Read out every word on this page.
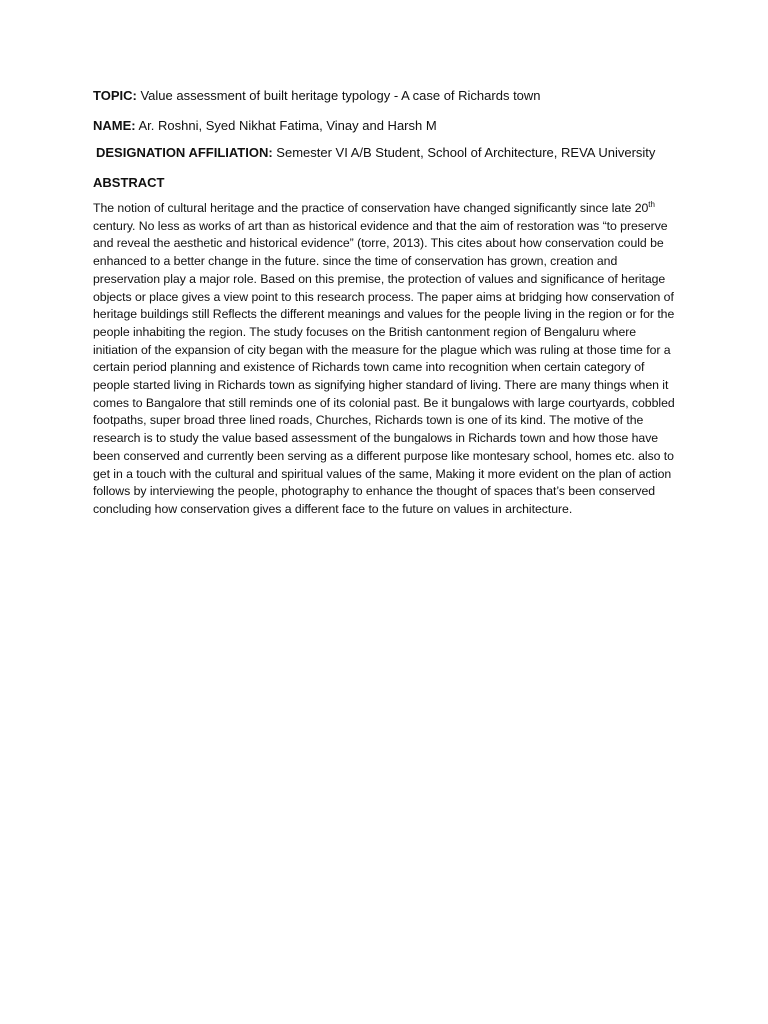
TOPIC: Value assessment of built heritage typology - A case of Richards town

NAME: Ar. Roshni, Syed Nikhat Fatima, Vinay and Harsh M

DESIGNATION AFFILIATION: Semester VI A/B Student, School of Architecture, REVA University

ABSTRACT

The notion of cultural heritage and the practice of conservation have changed significantly since late 20th century. No less as works of art than as historical evidence and that the aim of restoration was “to preserve and reveal the aesthetic and historical evidence” (torre, 2013). This cites about how conservation could be enhanced to a better change in the future. since the time of conservation has grown, creation and preservation play a major role. Based on this premise, the protection of values and significance of heritage objects or place gives a view point to this research process. The paper aims at bridging how conservation of heritage buildings still Reflects the different meanings and values for the people living in the region or for the people inhabiting the region. The study focuses on the British cantonment region of Bengaluru where initiation of the expansion of city began with the measure for the plague which was ruling at those time for a certain period planning and existence of Richards town came into recognition when certain category of people started living in Richards town as signifying higher standard of living. There are many things when it comes to Bangalore that still reminds one of its colonial past. Be it bungalows with large courtyards, cobbled footpaths, super broad three lined roads, Churches, Richards town is one of its kind. The motive of the research is to study the value based assessment of the bungalows in Richards town and how those have been conserved and currently been serving as a different purpose like montesary school, homes etc. also to get in a touch with the cultural and spiritual values of the same, Making it more evident on the plan of action follows by interviewing the people, photography to enhance the thought of spaces that’s been conserved concluding how conservation gives a different face to the future on values in architecture.
